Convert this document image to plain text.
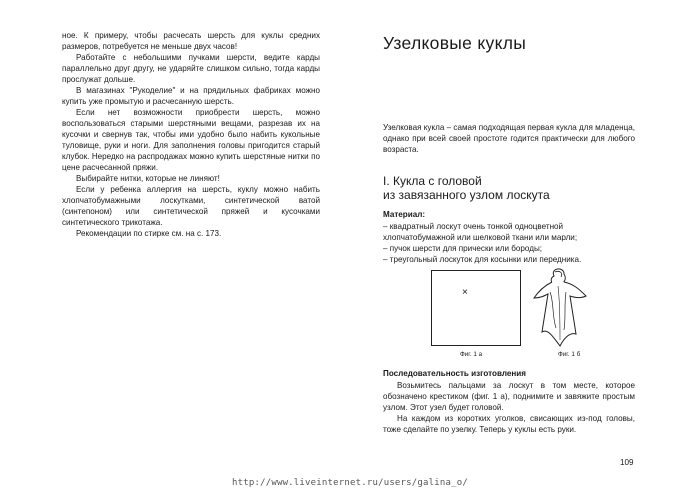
ное. К примеру, чтобы расчесать шерсть для куклы средних размеров, потребуется не меньше двух часов!

Работайте с небольшими пучками шерсти, ведите карды параллельно друг другу, не ударяйте слишком сильно, тогда карды прослужат дольше.

В магазинах "Рукоделие" и на прядильных фабриках можно купить уже промытую и расчесанную шерсть.

Если нет возможности приобрести шерсть, можно воспользоваться старыми шерстяными вещами, разрезав их на кусочки и свернув так, чтобы ими удобно было набить кукольные туловище, руки и ноги. Для заполнения головы пригодится старый клубок. Нередко на распродажах можно купить шерстяные нитки по цене расчесанной пряжи.

Выбирайте нитки, которые не линяют!

Если у ребенка аллергия на шерсть, куклу можно набить хлопчатобумажными лоскутками, синтетической ватой (синтепоном) или синтетической пряжей и кусочками синтетического трикотажа.

Рекомендации по стирке см. на с. 173.

Узелковые куклы

Узелковая кукла – самая подходящая первая кукла для младенца, однако при всей своей простоте годится практически для любого возраста.

I. Кукла с головой
из завязанного узлом лоскута

Материал:

– квадратный лоскут очень тонкой одноцветной хлопчатобумажной или шелковой ткани или марли;
– пучок шерсти для прически или бороды;
– треугольный лоскуток для косынки или передника.
×
Фиг. 1 а	Фиг. 1 б

Последовательность изготовления

Возьмитесь пальцами за лоскут в том месте, которое обозначено крестиком (фиг. 1 а), поднимите и завяжите простым узлом. Этот узел будет головой.

На каждом из коротких уголков, свисающих из-под головы, тоже сделайте по узелку. Теперь у куклы есть руки.

109
http://www.liveinternet.ru/users/galina_o/
